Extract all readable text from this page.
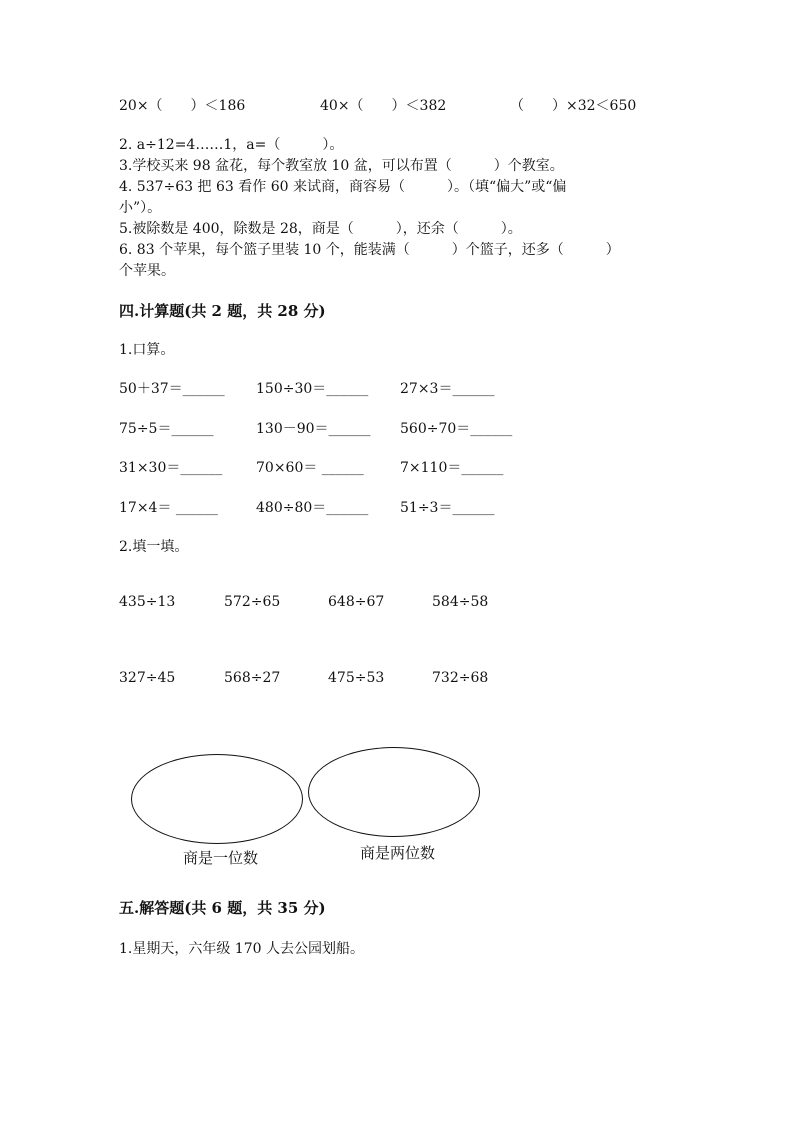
20×（　　）＜186	40×（　　）＜382	（　　）×32＜650
2. a÷12=4……1，a=（　　　）。
3.学校买来 98 盆花，每个教室放 10 盆，可以布置（　　　）个教室。
4. 537÷63 把 63 看作 60 来试商，商容易（　　　）。（填“偏大”或“偏
小”）。
5.被除数是 400，除数是 28，商是（　　　），还余（　　　）。
6. 83 个苹果，每个篮子里装 10 个，能装满（　　　）个篮子，还多（　　　）
个苹果。
四.计算题(共 2 题，共 28 分)
1.口算。
50＋37＝______ 150÷30＝______ 27×3＝______
75÷5＝______	130－90＝______ 560÷70＝______
31×30＝______ 70×60＝ ______	7×110＝______
17×4＝ ______	480÷80＝______ 51÷3＝______
2.填一填。
435÷13	572÷65	648÷67	584÷58
327÷45	568÷27	475÷53	732÷68
商是一位数	商是两位数
五.解答题(共 6 题，共 35 分)
1.星期天，六年级 170 人去公园划船。
